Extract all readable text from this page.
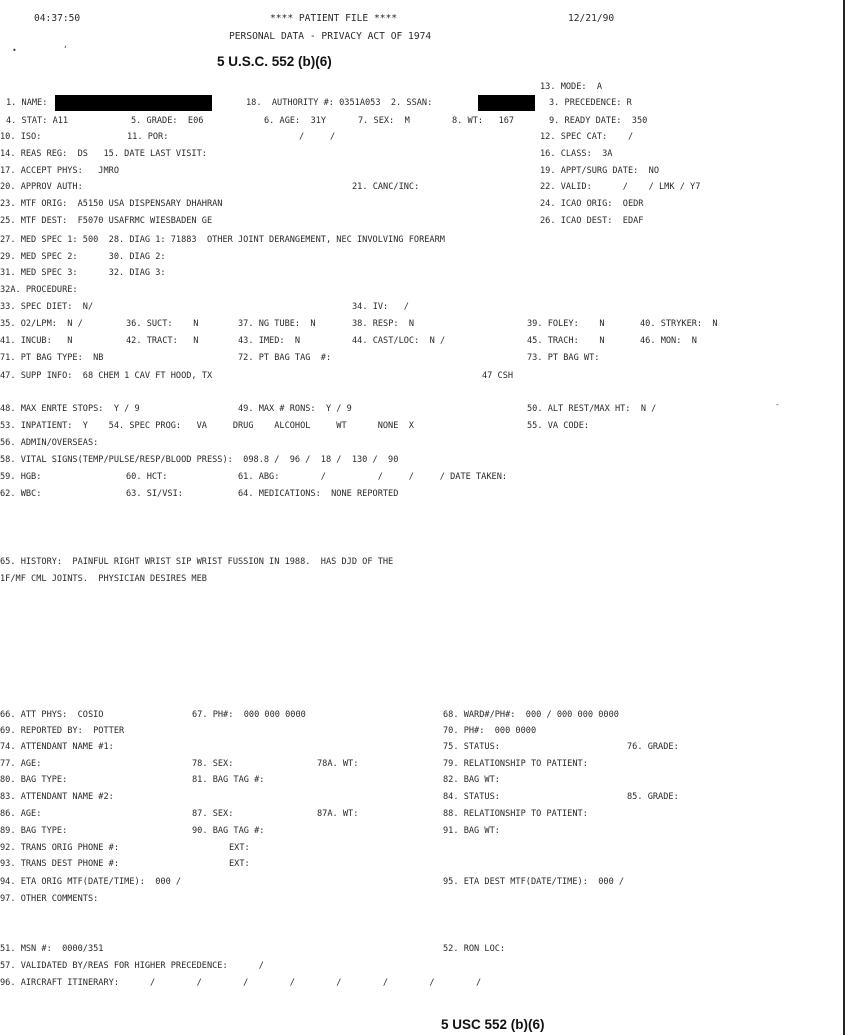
04:37:50	**** PATIENT FILE ****	12/21/90
PERSONAL DATA - PRIVACY ACT OF 1974
,
•
5 U.S.C. 552 (b)(6)
13. MODE:  A
1. NAME:	18.  AUTHORITY #: 0351A053  2. SSAN:	3. PRECEDENCE: R
4. STAT: A11	5. GRADE:  E06	6. AGE:  31Y	7. SEX:  M	8. WT:   167	9. READY DATE:  350
10. ISO:	11. POR:	/     /	12. SPEC CAT:    /
14. REAS REG:  DS   15. DATE LAST VISIT:	16. CLASS:  3A
17. ACCEPT PHYS:   JMRO	19. APPT/SURG DATE:  NO
20. APPROV AUTH:	21. CANC/INC:	22. VALID:      /    / LMK / Y7
23. MTF ORIG:  A5150 USA DISPENSARY DHAHRAN	24. ICAO ORIG:  OEDR
25. MTF DEST:  F5070 USAFRMC WIESBADEN GE	26. ICAO DEST:  EDAF
27. MED SPEC 1: 500  28. DIAG 1: 71883  OTHER JOINT DERANGEMENT, NEC INVOLVING FOREARM
29. MED SPEC 2:      30. DIAG 2:
31. MED SPEC 3:      32. DIAG 3:
32A. PROCEDURE:
33. SPEC DIET:  N/	34. IV:   /
35. O2/LPM:  N /	36. SUCT:    N	37. NG TUBE:  N	38. RESP:  N	39. FOLEY:    N	40. STRYKER:  N
41. INCUB:   N	42. TRACT:   N	43. IMED:  N	44. CAST/LOC:  N /	45. TRACH:    N	46. MON:  N
71. PT BAG TYPE:  NB	72. PT BAG TAG  #:	73. PT BAG WT:
47. SUPP INFO:  68 CHEM 1 CAV FT HOOD, TX	47 CSH
48. MAX ENRTE STOPS:  Y / 9	49. MAX # RONS:  Y / 9	50. ALT REST/MAX HT:  N /	-
53. INPATIENT:  Y    54. SPEC PROG:   VA     DRUG    ALCOHOL     WT      NONE  X	55. VA CODE:
56. ADMIN/OVERSEAS:
58. VITAL SIGNS(TEMP/PULSE/RESP/BLOOD PRESS):  098.8 /  96 /  18 /  130 /  90
59. HGB:	60. HCT:	61. ABG:        /          /     /     / DATE TAKEN:
62. WBC:	63. SI/VSI:	64. MEDICATIONS:  NONE REPORTED
65. HISTORY:  PAINFUL RIGHT WRIST SIP WRIST FUSSION IN 1988.  HAS DJD OF THE
1F/MF CML JOINTS.  PHYSICIAN DESIRES MEB
66. ATT PHYS:  COSIO	67. PH#:  000 000 0000	68. WARD#/PH#:  000 / 000 000 0000
69. REPORTED BY:  POTTER	70. PH#:  000 0000
74. ATTENDANT NAME #1:	75. STATUS:	76. GRADE:
77. AGE:	78. SEX:	78A. WT:	79. RELATIONSHIP TO PATIENT:
80. BAG TYPE:	81. BAG TAG #:	82. BAG WT:
83. ATTENDANT NAME #2:	84. STATUS:	85. GRADE:
86. AGE:	87. SEX:	87A. WT:	88. RELATIONSHIP TO PATIENT:
89. BAG TYPE:	90. BAG TAG #:	91. BAG WT:
92. TRANS ORIG PHONE #:	EXT:
93. TRANS DEST PHONE #:	EXT:
94. ETA ORIG MTF(DATE/TIME):  000 /	95. ETA DEST MTF(DATE/TIME):  000 /
97. OTHER COMMENTS:
51. MSN #:  0000/351	52. RON LOC:
57. VALIDATED BY/REAS FOR HIGHER PRECEDENCE:      /
96. AIRCRAFT ITINERARY:      /        /        /        /        /        /        /        /
5 USC 552 (b)(6)
